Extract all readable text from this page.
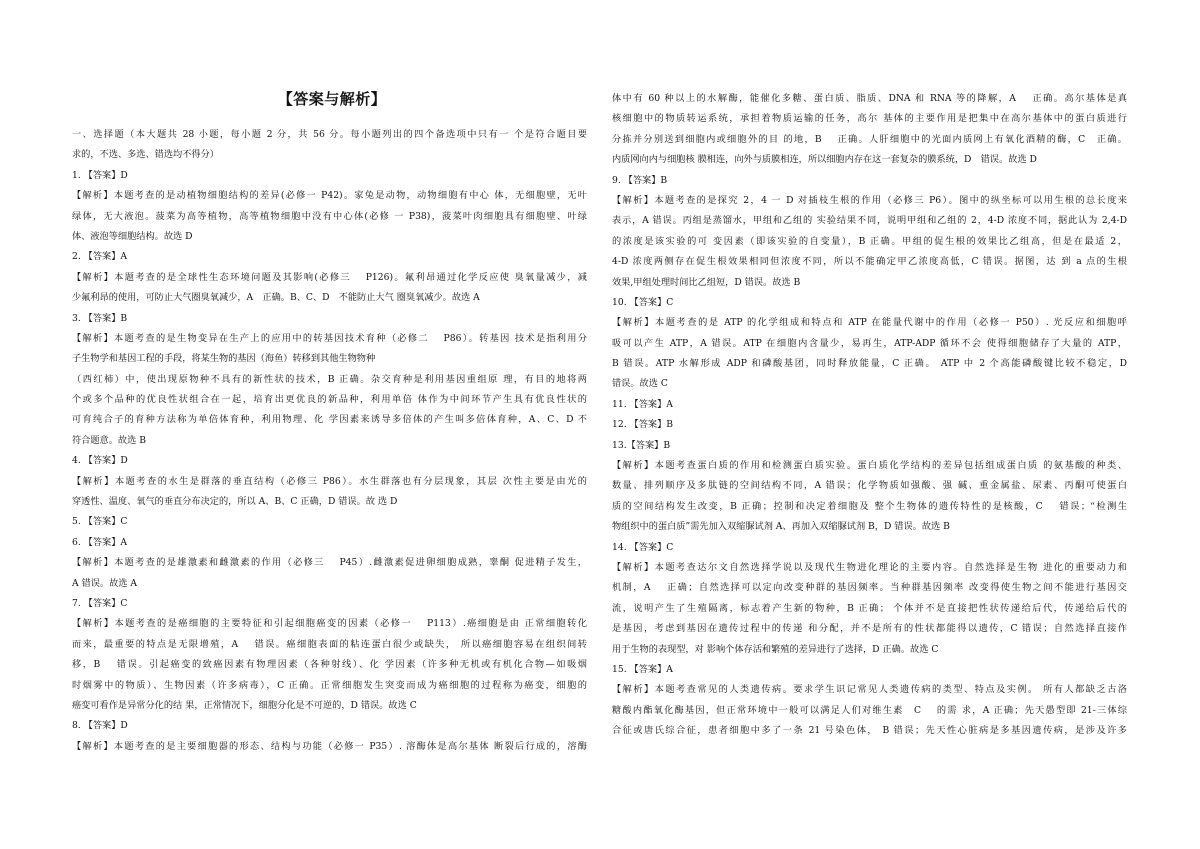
【答案与解析】
一、选择题（本大题共 28 小题，每小题 2 分，共 56 分。每小题列出的四个备选项中只有一 个是符合题目要
求的，不选、多选、错选均不得分）
1. 【答案】D
【解析】本题考查的是动植物细胞结构的差异(必修一 P42)。家兔是动物，动物细胞有中心 体，无细胞壁，无叶
绿体，无大液泡。菠菜为高等植物，高等植物细胞中没有中心体(必修 一 P38)，菠菜叶肉细胞具有细胞壁、叶绿
体、液泡等细胞结构。故选 D
2. 【答案】A
【解析】本题考查的是全球性生态环境问题及其影响(必修三　 P126)。氟利昂通过化学反应使 臭氧量减少，减
少氟利昂的使用，可防止大气圈臭氧减少，A　正确。B、C、D　不能防止大气 圈臭氧减少。故选 A
3. 【答案】B
【解析】本题考查的是生物变异在生产上的应用中的转基因技术育种（必修二　 P86）。转基因 技术是指利用分
子生物学和基因工程的手段，将某生物的基因（海鱼）转移到其他生物物种
（西红柿）中，使出现原物种不具有的新性状的技术，B 正确。杂交育种是利用基因重组原 理，有目的地将两
个或多个品种的优良性状组合在一起，培育出更优良的新品种，利用单倍 体作为中间环节产生具有优良性状的
可育纯合子的育种方法称为单倍体育种，利用物理、化 学因素来诱导多倍体的产生叫多倍体育种，A、C、D 不
符合题意。故选 B
4. 【答案】D
【解析】本题考查的水生是群落的垂直结构（必修三 P86）。水生群落也有分层现象，其层 次性主要是由光的
穿透性、温度、氧气的垂直分布决定的，所以 A、B、C 正确，D 错误。故 选 D
5. 【答案】C
6. 【答案】A
【解析】本题考查的是雄激素和雌激素的作用（必修三　 P45）.雌激素促进卵细胞成熟，睾酮 促进精子发生，
A 错误。故选 A
7. 【答案】C
【解析】本题考查的是癌细胞的主要特征和引起细胞癌变的因素（必修一　 P113）.癌细胞是由 正常细胞转化
而来，最重要的特点是无限增殖，A　 错误。癌细胞表面的粘连蛋白很少或缺失， 所以癌细胞容易在组织间转
移，B　 错误。引起癌变的致癌因素有物理因素（各种射线）、化 学因素（许多种无机或有机化合物—如吸烟
时烟雾中的物质）、生物因素（许多病毒），C 正确。正常细胞发生突变而成为癌细胞的过程称为癌变，细胞的
癌变可看作是异常分化的结 果，正常情况下，细胞分化是不可逆的，D 错误。故选 C
8. 【答案】D
【解析】本题考查的是主要细胞器的形态、结构与功能（必修一 P35）. 溶酶体是高尔基体 断裂后行成的，溶酶
体中有 60 种以上的水解酶，能催化多糖、蛋白质、脂质、DNA 和 RNA 等的降解，A　 正确。高尔基体是真
核细胞中的物质转运系统，承担着物质运输的任务，高尔 基体的主要作用是把集中在高尔基体中的蛋白质进行
分拣并分别送到细胞内或细胞外的目 的地，B　 正确。人肝细胞中的光面内质网上有氧化酒精的酶，C　正确。
内质网向内与细胞核 膜相连，向外与质膜相连，所以细胞内存在这一套复杂的膜系统，D　错误。故选 D
9. 【答案】B
【解析】本题考查的是探究 2，4 一 D 对插枝生根的作用（必修三 P6）。图中的纵坐标可以用生根的总长度来
表示，A 错误。丙组是蒸馏水，甲组和乙组的 实验结果不同，说明甲组和乙组的 2，4-D 浓度不同，据此认为 2,4-D
的浓度是该实验的可 变因素（即该实验的自变量），B 正确。甲组的促生根的效果比乙组高，但是在最适 2，
4-D 浓度两侧存在促生根效果相同但浓度不同，所以不能确定甲乙浓度高低，C 错误。据图，达 到 a 点的生根
效果,甲组处理时间比乙组短，D 错误。故选 B
10. 【答案】C
【解析】本题考查的是 ATP 的化学组成和特点和 ATP 在能量代谢中的作用（必修一 P50）. 光反应和细胞呼
吸可以产生 ATP，A 错误。ATP 在细胞内含量少，易再生，ATP-ADP 循环不会 使得细胞储存了大量的 ATP，
B 错误。ATP 水解形成 ADP 和磷酸基团，同时释放能量，C 正确。 ATP 中 2 个高能磷酸键比较不稳定，D
错误。故选 C
11. 【答案】A
12. 【答案】B
13.【答案】B
【解析】本题考查蛋白质的作用和检测蛋白质实验。蛋白质化学结构的差异包括组成蛋白质 的氨基酸的种类、
数量、排列顺序及多肽链的空间结构不同，A 错误；化学物质如强酸、强 碱、重金属盐、尿素、丙酮可使蛋白
质的空间结构发生改变，B 正确；控制和决定着细胞及 整个生物体的遗传特性的是核酸，C　 错误；“检测生
物组织中的蛋白质”需先加入双缩脲试剂 A、再加入双缩脲试剂 B，D 错误。故选 B
14. 【答案】C
【解析】本题考查达尔文自然选择学说以及现代生物进化理论的主要内容。自然选择是生物 进化的重要动力和
机制，A　 正确；自然选择可以定向改变种群的基因频率。当种群基因频率 改变得使生物之间不能进行基因交
流，说明产生了生殖隔离，标志着产生新的物种，B 正确； 个体并不是直接把性状传递给后代，传递给后代的
是基因，考虑到基因在遗传过程中的传递 和分配，并不是所有的性状都能得以遗传，C 错误；自然选择直接作
用于生物的表现型，对 影响个体存活和繁殖的差异进行了选择，D 正确。故选 C
15. 【答案】A
【解析】本题考查常见的人类遗传病。要求学生识记常见人类遗传病的类型、特点及实例。 所有人都缺乏古洛
糖酸内酯氧化酶基因，但正常环境中一般可以满足人们对维生素　C　 的需 求，A 正确；先天愚型即 21-三体综
合征或唐氏综合征，患者细胞中多了一条 21 号染色体， B 错误；先天性心脏病是多基因遗传病，是涉及许多
